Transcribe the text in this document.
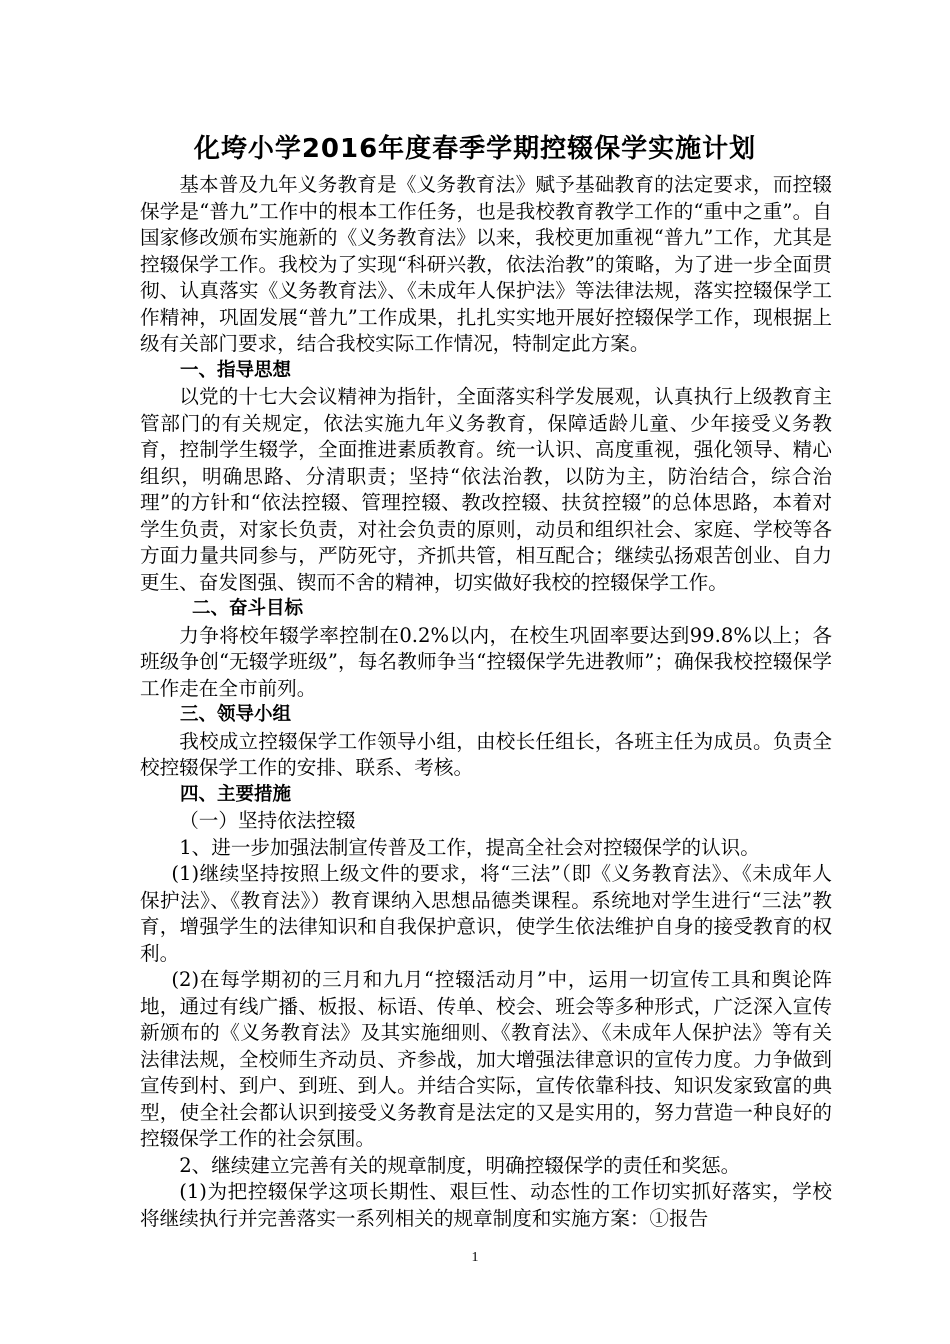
化垮小学2016年度春季学期控辍保学实施计划

基本普及九年义务教育是《义务教育法》赋予基础教育的法定要求，而控辍保学是“普九”工作中的根本工作任务，也是我校教育教学工作的“重中之重”。自国家修改颁布实施新的《义务教育法》以来，我校更加重视“普九”工作，尤其是控辍保学工作。我校为了实现“科研兴教，依法治教”的策略，为了进一步全面贯彻、认真落实《义务教育法》、《未成年人保护法》等法律法规，落实控辍保学工作精神，巩固发展“普九”工作成果，扎扎实实地开展好控辍保学工作，现根据上级有关部门要求，结合我校实际工作情况，特制定此方案。

一、指导思想

以党的十七大会议精神为指针，全面落实科学发展观，认真执行上级教育主管部门的有关规定，依法实施九年义务教育，保障适龄儿童、少年接受义务教育，控制学生辍学，全面推进素质教育。统一认识、高度重视，强化领导、精心组织，明确思路、分清职责；坚持“依法治教，以防为主，防治结合，综合治理”的方针和“依法控辍、管理控辍、教改控辍、扶贫控辍”的总体思路，本着对学生负责，对家长负责，对社会负责的原则，动员和组织社会、家庭、学校等各方面力量共同参与，严防死守，齐抓共管，相互配合；继续弘扬艰苦创业、自力更生、奋发图强、锲而不舍的精神，切实做好我校的控辍保学工作。

二、奋斗目标

力争将校年辍学率控制在0.2%以内，在校生巩固率要达到99.8%以上；各班级争创“无辍学班级”，每名教师争当“控辍保学先进教师”；确保我校控辍保学工作走在全市前列。

三、领导小组

我校成立控辍保学工作领导小组，由校长任组长，各班主任为成员。负责全校控辍保学工作的安排、联系、考核。

四、主要措施

（一）坚持依法控辍

1、进一步加强法制宣传普及工作，提高全社会对控辍保学的认识。

(1)继续坚持按照上级文件的要求，将“三法”（即《义务教育法》、《未成年人保护法》、《教育法》）教育课纳入思想品德类课程。系统地对学生进行“三法”教育，增强学生的法律知识和自我保护意识，使学生依法维护自身的接受教育的权利。

(2)在每学期初的三月和九月“控辍活动月”中，运用一切宣传工具和舆论阵地，通过有线广播、板报、标语、传单、校会、班会等多种形式，广泛深入宣传新颁布的《义务教育法》及其实施细则、《教育法》、《未成年人保护法》等有关法律法规，全校师生齐动员、齐参战，加大增强法律意识的宣传力度。力争做到宣传到村、到户、到班、到人。并结合实际，宣传依靠科技、知识发家致富的典型，使全社会都认识到接受义务教育是法定的又是实用的，努力营造一种良好的控辍保学工作的社会氛围。

2、继续建立完善有关的规章制度，明确控辍保学的责任和奖惩。

(1)为把控辍保学这项长期性、艰巨性、动态性的工作切实抓好落实，学校将继续执行并完善落实一系列相关的规章制度和实施方案：①报告

1
